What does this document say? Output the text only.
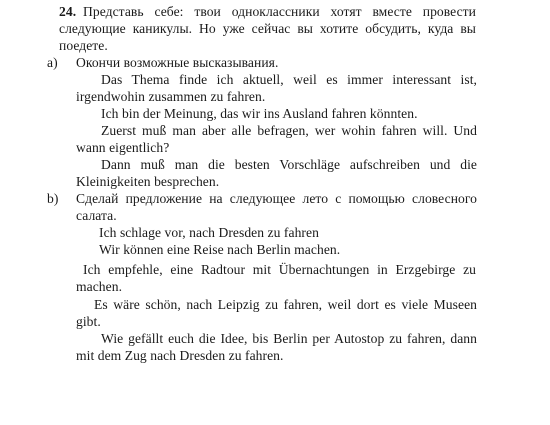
24. Представь себе: твои одноклассники хотят вместе провести
следующие каникулы. Но уже сейчас вы хотите обсудить, куда вы
поедете.
a) Окончи возможные высказывания.
Das Thema finde ich aktuell, weil es immer interessant ist,
irgendwohin zusammen zu fahren.
Ich bin der Meinung, das wir ins Ausland fahren könnten.
Zuerst muß man aber alle befragen, wer wohin fahren will. Und
wann eigentlich?
Dann muß man die besten Vorschläge aufschreiben und die
Kleinigkeiten besprechen.
b) Сделай предложение на следующее лето с помощью словесного
салата.
Ich schlage vor, nach Dresden zu fahren
Wir können eine Reise nach Berlin machen.
Ich empfehle, eine Radtour mit Übernachtungen in Erzgebirge zu
machen.
Es wäre schön, nach Leipzig zu fahren, weil dort es viele Museen
gibt.
Wie gefällt euch die Idee, bis Berlin per Autostop zu fahren, dann
mit dem Zug nach Dresden zu fahren.
